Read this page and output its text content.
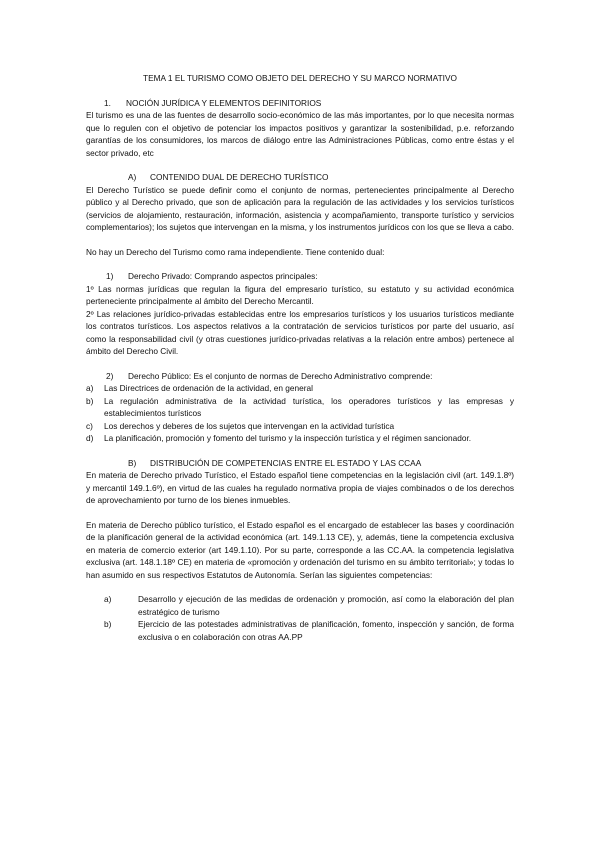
TEMA 1 EL TURISMO COMO OBJETO DEL DERECHO Y SU MARCO NORMATIVO
1. NOCIÓN JURÍDICA Y ELEMENTOS DEFINITORIOS

El turismo es una de las fuentes de desarrollo socio-económico de las más importantes, por lo que necesita normas que lo regulen con el objetivo de potenciar los impactos positivos y garantizar la sostenibilidad, p.e. reforzando garantías de los consumidores, los marcos de diálogo entre las Administraciones Públicas, como entre éstas y el sector privado, etc

A) CONTENIDO DUAL DE DERECHO TURÍSTICO

El Derecho Turístico se puede definir como el conjunto de normas, pertenecientes principalmente al Derecho público y al Derecho privado, que son de aplicación para la regulación de las actividades y los servicios turísticos (servicios de alojamiento, restauración, información, asistencia y acompañamiento, transporte turístico y servicios complementarios); los sujetos que intervengan en la misma, y los instrumentos jurídicos con los que se lleva a cabo.

No hay un Derecho del Turismo como rama independiente. Tiene contenido dual:

1) Derecho Privado: Comprando aspectos principales:

1º Las normas jurídicas que regulan la figura del empresario turístico, su estatuto y su actividad económica perteneciente principalmente al ámbito del Derecho Mercantil.

2º Las relaciones jurídico-privadas establecidas entre los empresarios turísticos y los usuarios turísticos mediante los contratos turísticos. Los aspectos relativos a la contratación de servicios turísticos por parte del usuario, así como la responsabilidad civil (y otras cuestiones jurídico-privadas relativas a la relación entre ambos) pertenece al ámbito del Derecho Civil.

2) Derecho Público: Es el conjunto de normas de Derecho Administrativo comprende:
a)	Las Directrices de ordenación de la actividad, en general
b)	La regulación administrativa de la actividad turística, los operadores turísticos y las empresas y establecimientos turísticos
c)	Los derechos y deberes de los sujetos que intervengan en la actividad turística
d)	La planificación, promoción y fomento del turismo y la inspección turística y el régimen sancionador.
B) DISTRIBUCIÓN DE COMPETENCIAS ENTRE EL ESTADO Y LAS CCAA

En materia de Derecho privado Turístico, el Estado español tiene competencias en la legislación civil (art. 149.1.8º) y mercantil 149.1.6º), en virtud de las cuales ha regulado normativa propia de viajes combinados o de los derechos de aprovechamiento por turno de los bienes inmuebles.

En materia de Derecho público turístico, el Estado español es el encargado de establecer las bases y coordinación de la planificación general de la actividad económica (art. 149.1.13 CE), y, además, tiene la competencia exclusiva en materia de comercio exterior (art 149.1.10). Por su parte, corresponde a las CC.AA. la competencia legislativa exclusiva (art. 148.1.18º CE) en materia de «promoción y ordenación del turismo en su ámbito territorial»; y todas lo han asumido en sus respectivos Estatutos de Autonomía. Serían las siguientes competencias:

a)	Desarrollo y ejecución de las medidas de ordenación y promoción, así como la elaboración del plan estratégico de turismo
b)	Ejercicio de las potestades administrativas de planificación, fomento, inspección y sanción, de forma exclusiva o en colaboración con otras AA.PP
